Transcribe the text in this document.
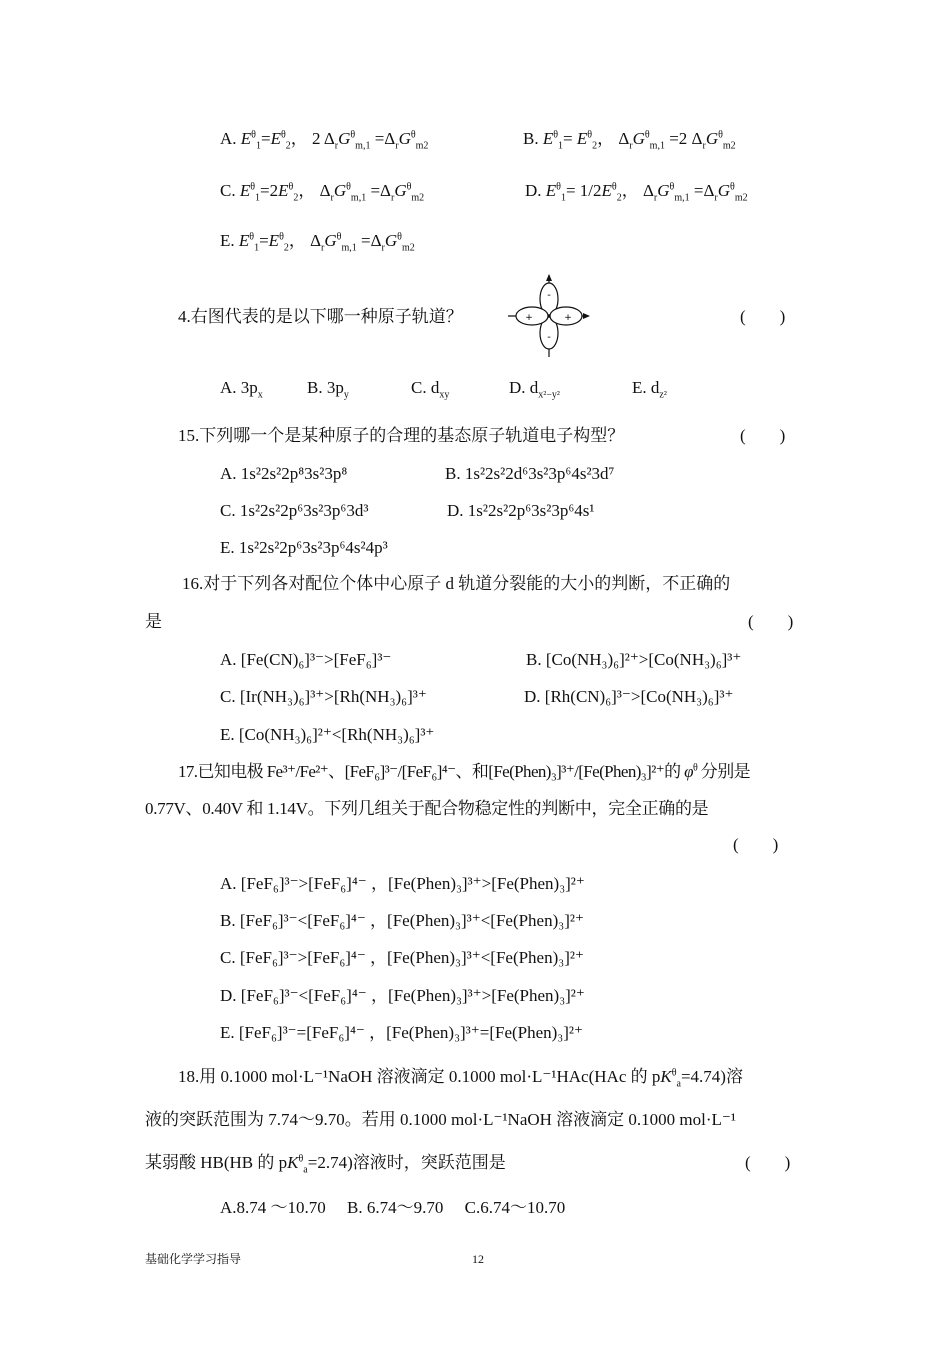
A. $E^\theta_1=E^\theta_2$， 2 $\Delta_rG^\theta_{m,1} =\Delta_rG^\theta_{m2}$	B. $E^\theta_1= E^\theta_2$， $\Delta_rG^\theta_{m,1} =2$ $\Delta_rG^\theta_{m2}$
C. $E^\theta_1=2E^\theta_2$， $\Delta_rG^\theta_{m,1} =\Delta_rG^\theta_{m2}$	D. $E^\theta_1= 1/2E^\theta_2$， $\Delta_rG^\theta_{m,1} =\Delta_rG^\theta_{m2}$
E. $E^\theta_1=E^\theta_2$， $\Delta_rG^\theta_{m,1} =\Delta_rG^\theta_{m2}$
4.右图代表的是以下哪一种原子轨道？
-
-
+	+	(　　)
A. $3p_x$	B. $3p_y$	C. $d_{xy}$	D. $d_{x^2-y^2}$	E. $d_{z^2}$
15.下列哪一个是某种原子的合理的基态原子轨道电子构型？	(　　)
A. 1s²2s²2p⁸3s²3p⁸	B. 1s²2s²2d⁶3s²3p⁶4s²3d⁷
C. 1s²2s²2p⁶3s²3p⁶3d³	D. 1s²2s²2p⁶3s²3p⁶4s¹
E. 1s²2s²2p⁶3s²3p⁶4s²4p³
16.对于下列各对配位个体中心原子 d 轨道分裂能的大小的判断，不正确的
是	(　　)
A. [Fe(CN)₆]³⁻>[FeF₆]³⁻	B. [Co(NH₃)₆]²⁺>[Co(NH₃)₆]³⁺
C. [Ir(NH₃)₆]³⁺>[Rh(NH₃)₆]³⁺	D. [Rh(CN)₆]³⁻>[Co(NH₃)₆]³⁺
E. [Co(NH₃)₆]²⁺<[Rh(NH₃)₆]³⁺
17.已知电极 Fe³⁺/Fe²⁺、[FeF₆]³⁻/[FeF₆]⁴⁻、和[Fe(Phen)₃]³⁺/[Fe(Phen)₃]²⁺的 $\varphi^\theta$ 分别是
0.77V、0.40V 和 1.14V。下列几组关于配合物稳定性的判断中，完全正确的是
(　　)
A. [FeF₆]³⁻>[FeF₆]⁴⁻ ，[Fe(Phen)₃]³⁺>[Fe(Phen)₃]²⁺
B. [FeF₆]³⁻<[FeF₆]⁴⁻ ，[Fe(Phen)₃]³⁺<[Fe(Phen)₃]²⁺
C. [FeF₆]³⁻>[FeF₆]⁴⁻ ，[Fe(Phen)₃]³⁺<[Fe(Phen)₃]²⁺
D. [FeF₆]³⁻<[FeF₆]⁴⁻ ，[Fe(Phen)₃]³⁺>[Fe(Phen)₃]²⁺
E. [FeF₆]³⁻=[FeF₆]⁴⁻ ，[Fe(Phen)₃]³⁺=[Fe(Phen)₃]²⁺
18.用 0.1000 mol·L⁻¹NaOH 溶液滴定 0.1000 mol·L⁻¹HAc(HAc 的 $pK^\theta_a=4.74$)溶
液的突跃范围为 7.74～9.70。若用 0.1000 mol·L⁻¹NaOH 溶液滴定 0.1000 mol·L⁻¹
某弱酸 HB(HB 的 $pK^\theta_a=2.74$)溶液时，突跃范围是	(　　)
A.8.74 ～10.70　 B. 6.74～9.70　 C.6.74～10.70
基础化学学习指导	12
